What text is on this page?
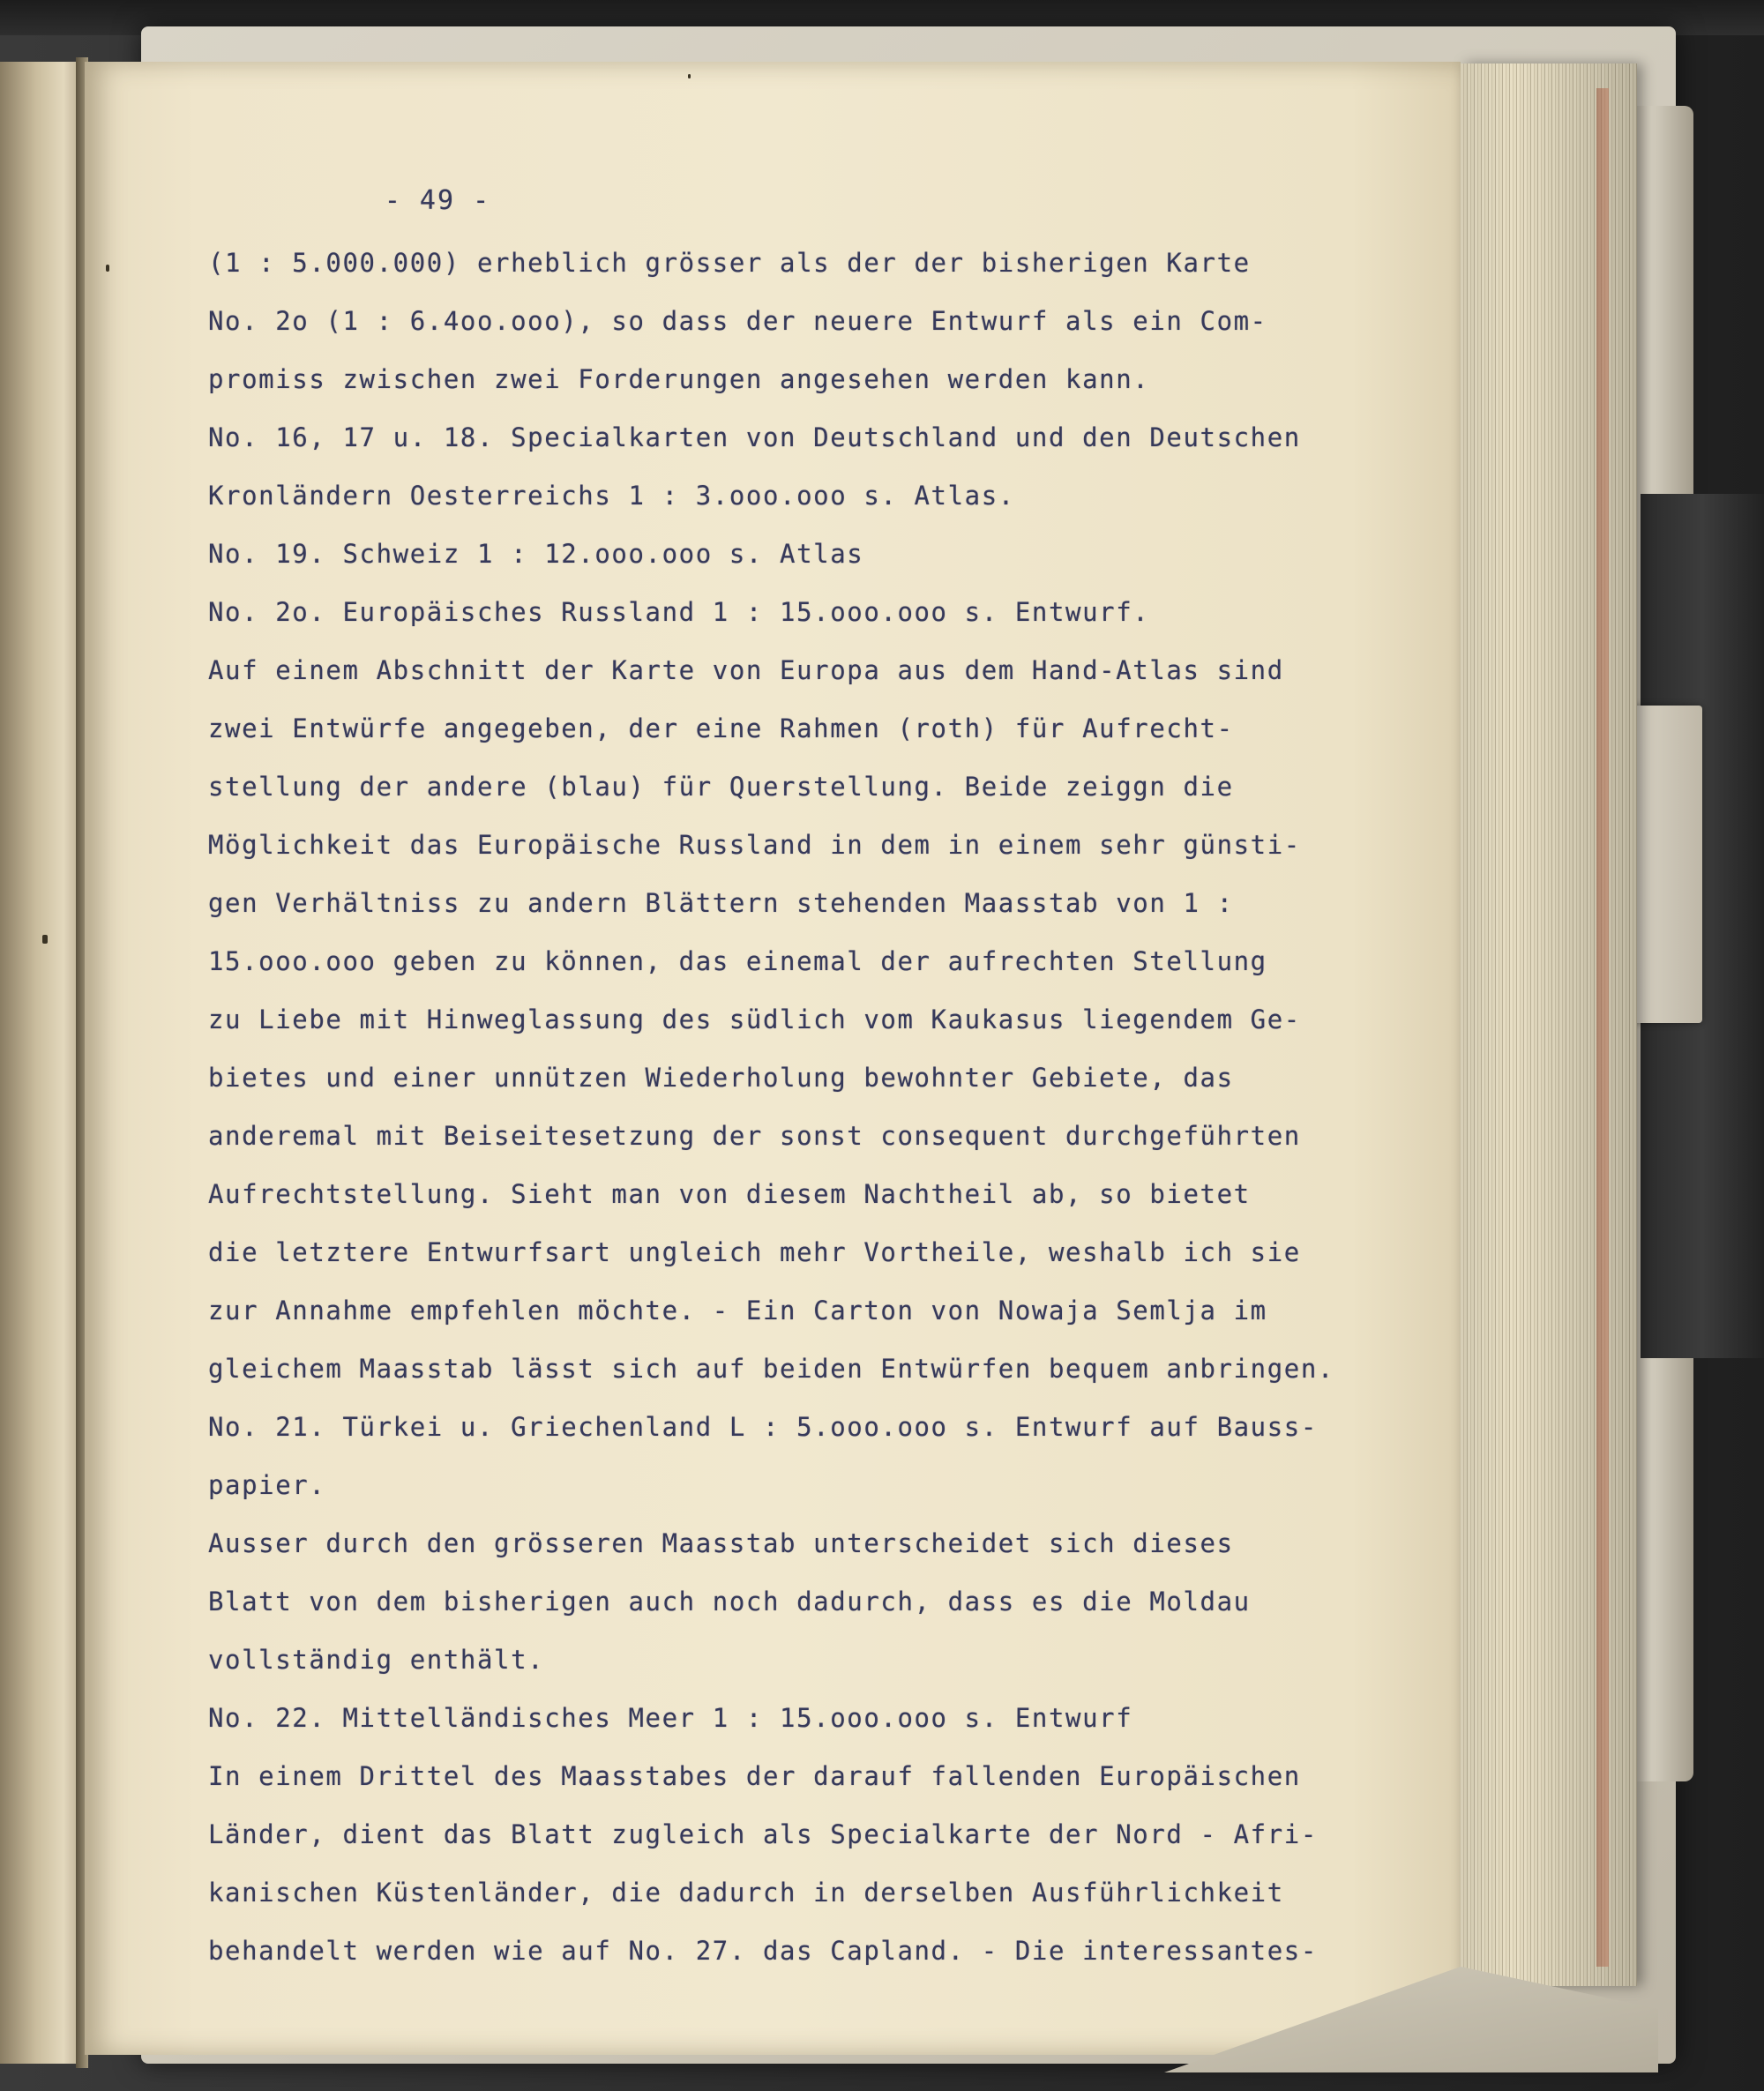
- 49 -
(1 : 5.000.000) erheblich grösser als der der bisherigen Karte
No. 2o (1 : 6.4oo.ooo), so dass der neuere Entwurf als ein Com-
promiss zwischen zwei Forderungen angesehen werden kann.
No. 16, 17 u. 18. Specialkarten von Deutschland und den Deutschen
Kronländern Oesterreichs 1 : 3.ooo.ooo s. Atlas.
No. 19. Schweiz 1 : 12.ooo.ooo s. Atlas
No. 2o. Europäisches Russland 1 : 15.ooo.ooo s. Entwurf.
Auf einem Abschnitt der Karte von Europa aus dem Hand-Atlas sind
zwei Entwürfe angegeben, der eine Rahmen (roth) für Aufrecht-
stellung der andere (blau) für Querstellung. Beide zeiggn die
Möglichkeit das Europäische Russland in dem in einem sehr günsti-
gen Verhältniss zu andern Blättern stehenden Maasstab von 1 :
15.ooo.ooo geben zu können, das einemal der aufrechten Stellung
zu Liebe mit Hinweglassung des südlich vom Kaukasus liegendem Ge-
bietes und einer unnützen Wiederholung bewohnter Gebiete, das
anderemal mit Beiseitesetzung der sonst consequent durchgeführten
Aufrechtstellung. Sieht man von diesem Nachtheil ab, so bietet
die letztere Entwurfsart ungleich mehr Vortheile, weshalb ich sie
zur Annahme empfehlen möchte. - Ein Carton von Nowaja Semlja im
gleichem Maasstab lässt sich auf beiden Entwürfen bequem anbringen.
No. 21. Türkei u. Griechenland L : 5.ooo.ooo s. Entwurf auf Bauss-
papier.
Ausser durch den grösseren Maasstab unterscheidet sich dieses
Blatt von dem bisherigen auch noch dadurch, dass es die Moldau
vollständig enthält.
No. 22. Mittelländisches Meer 1 : 15.ooo.ooo s. Entwurf
In einem Drittel des Maasstabes der darauf fallenden Europäischen
Länder, dient das Blatt zugleich als Specialkarte der Nord - Afri-
kanischen Küstenländer, die dadurch in derselben Ausführlichkeit
behandelt werden wie auf No. 27. das Capland. - Die interessantes-
